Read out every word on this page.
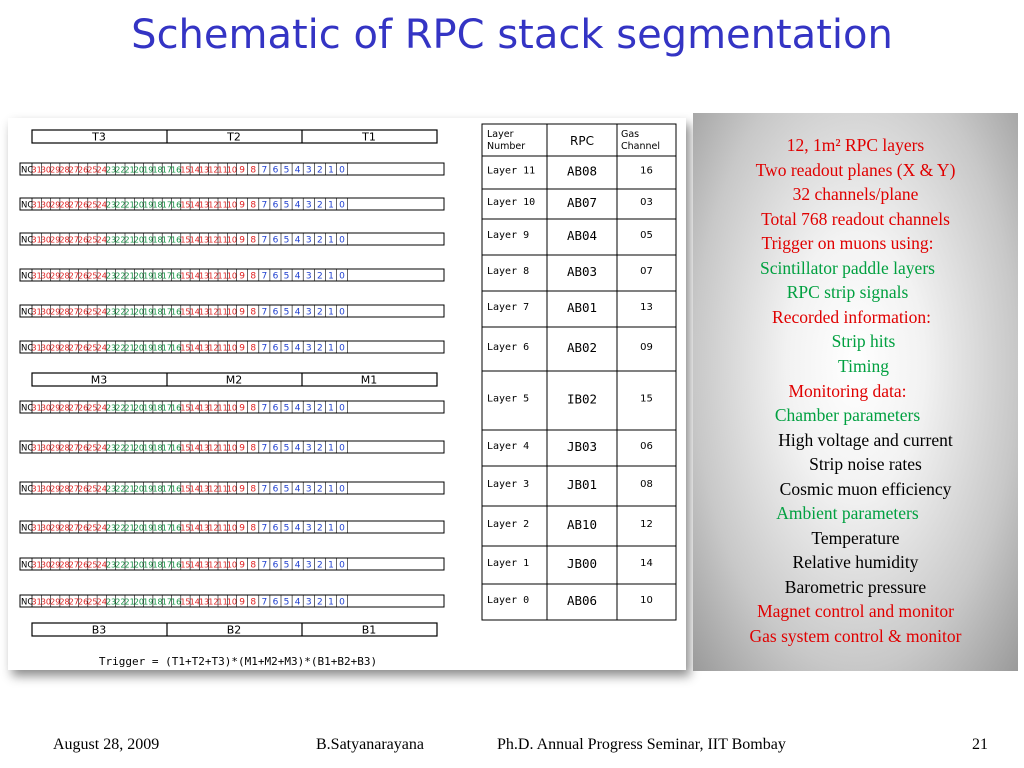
Schematic of RPC stack segmentation
T3	T2	T1
NC
31 30 29 28 27 26 25 24 23 22 21 20 19 18 17 16 15 14 13 12 11 10 9 8 7 6 5 4 3 2 1 0
NC
31 30 29 28 27 26 25 24 23 22 21 20 19 18 17 16 15 14 13 12 11 10 9 8 7 6 5 4 3 2 1 0
NC
31 30 29 28 27 26 25 24 23 22 21 20 19 18 17 16 15 14 13 12 11 10 9 8 7 6 5 4 3 2 1 0
NC
31 30 29 28 27 26 25 24 23 22 21 20 19 18 17 16 15 14 13 12 11 10 9 8 7 6 5 4 3 2 1 0
NC
31 30 29 28 27 26 25 24 23 22 21 20 19 18 17 16 15 14 13 12 11 10 9 8 7 6 5 4 3 2 1 0
NC
31 30 29 28 27 26 25 24 23 22 21 20 19 18 17 16 15 14 13 12 11 10 9 8 7 6 5 4 3 2 1 0
M3	M2	M1
NC
31 30 29 28 27 26 25 24 23 22 21 20 19 18 17 16 15 14 13 12 11 10 9 8 7 6 5 4 3 2 1 0
NC
31 30 29 28 27 26 25 24 23 22 21 20 19 18 17 16 15 14 13 12 11 10 9 8 7 6 5 4 3 2 1 0
NC
31 30 29 28 27 26 25 24 23 22 21 20 19 18 17 16 15 14 13 12 11 10 9 8 7 6 5 4 3 2 1 0
NC
31 30 29 28 27 26 25 24 23 22 21 20 19 18 17 16 15 14 13 12 11 10 9 8 7 6 5 4 3 2 1 0
NC
31 30 29 28 27 26 25 24 23 22 21 20 19 18 17 16 15 14 13 12 11 10 9 8 7 6 5 4 3 2 1 0
NC
31 30 29 28 27 26 25 24 23 22 21 20 19 18 17 16 15 14 13 12 11 10 9 8 7 6 5 4 3 2 1 0
B3	B2	B1
Trigger = (T1+T2+T3)*(M1+M2+M3)*(B1+B2+B3)
Layer
Number	RPC	Gas
Channel
Layer 11	AB08	16
Layer 10	AB07	03
Layer 9	AB04	05
Layer 8	AB03	07
Layer 7	AB01	13
Layer 6	AB02	09
Layer 5	IB02	15
Layer 4	JB03	06
Layer 3	JB01	08
Layer 2	AB10	12
Layer 1	JB00	14
Layer 0	AB06	10
12, 1m² RPC layers
Two readout planes (X & Y)
32 channels/plane
Total 768 readout channels
Trigger on muons using:
Scintillator paddle layers
RPC strip signals
Recorded information:
Strip hits
Timing
Monitoring data:
Chamber parameters
High voltage and current
Strip noise rates
Cosmic muon efficiency
Ambient parameters
Temperature
Relative humidity
Barometric pressure
Magnet control and monitor
Gas system control & monitor
August 28, 2009	B.Satyanarayana	Ph.D. Annual Progress Seminar, IIT Bombay	21
